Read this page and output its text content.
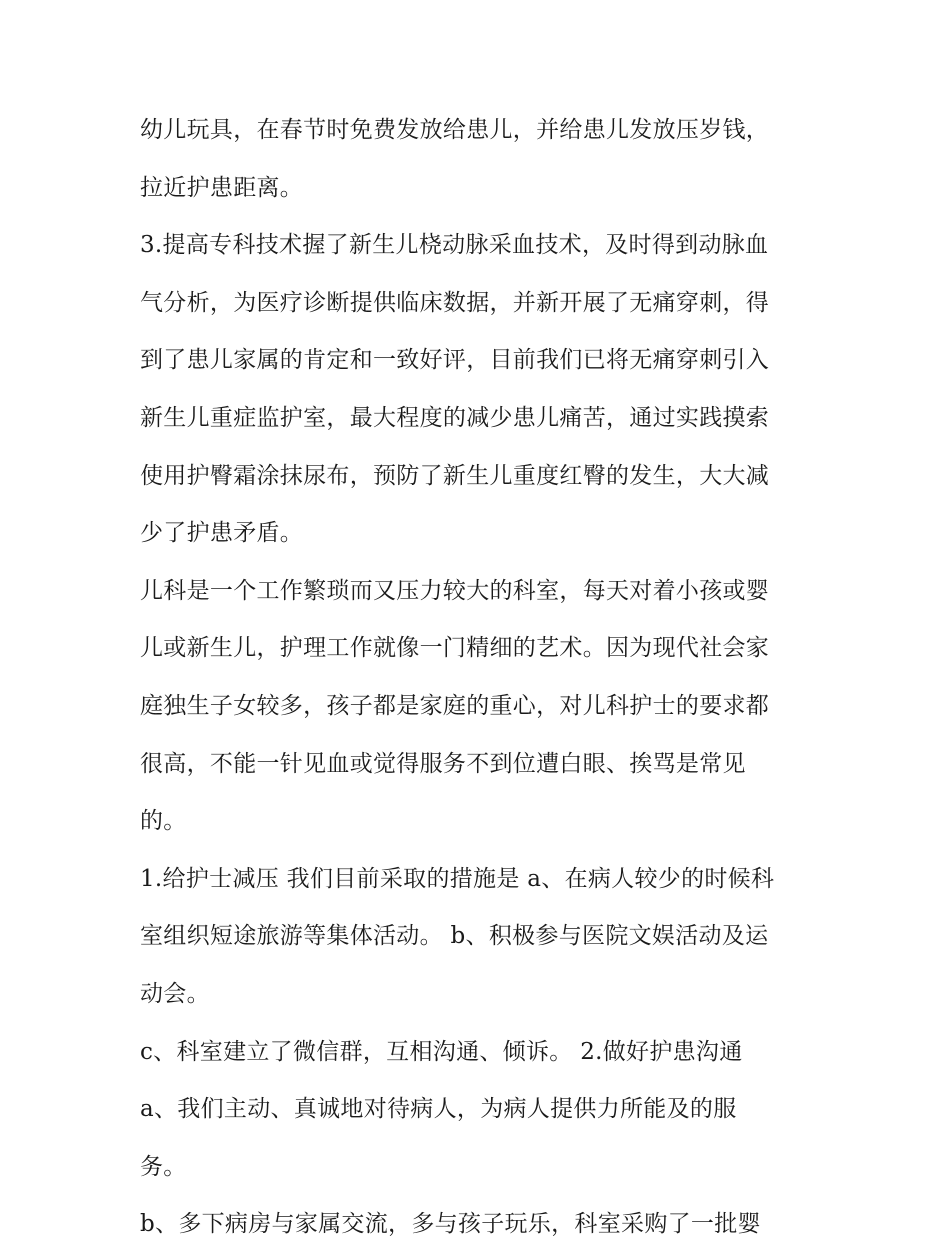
幼儿玩具，在春节时免费发放给患儿，并给患儿发放压岁钱，
拉近护患距离。
3.提高专科技术握了新生儿桡动脉采血技术，及时得到动脉血
气分析，为医疗诊断提供临床数据，并新开展了无痛穿刺，得
到了患儿家属的肯定和一致好评，目前我们已将无痛穿刺引入
新生儿重症监护室，最大程度的减少患儿痛苦，通过实践摸索
使用护臀霜涂抹尿布，预防了新生儿重度红臀的发生，大大减
少了护患矛盾。
儿科是一个工作繁琐而又压力较大的科室，每天对着小孩或婴
儿或新生儿，护理工作就像一门精细的艺术。因为现代社会家
庭独生子女较多，孩子都是家庭的重心，对儿科护士的要求都
很高，不能一针见血或觉得服务不到位遭白眼、挨骂是常见
的。
1.给护士减压 我们目前采取的措施是 a、在病人较少的时候科
室组织短途旅游等集体活动。 b、积极参与医院文娱活动及运
动会。
c、科室建立了微信群，互相沟通、倾诉。 2.做好护患沟通
a、我们主动、真诚地对待病人，为病人提供力所能及的服
务。
b、多下病房与家属交流，多与孩子玩乐，科室采购了一批婴
